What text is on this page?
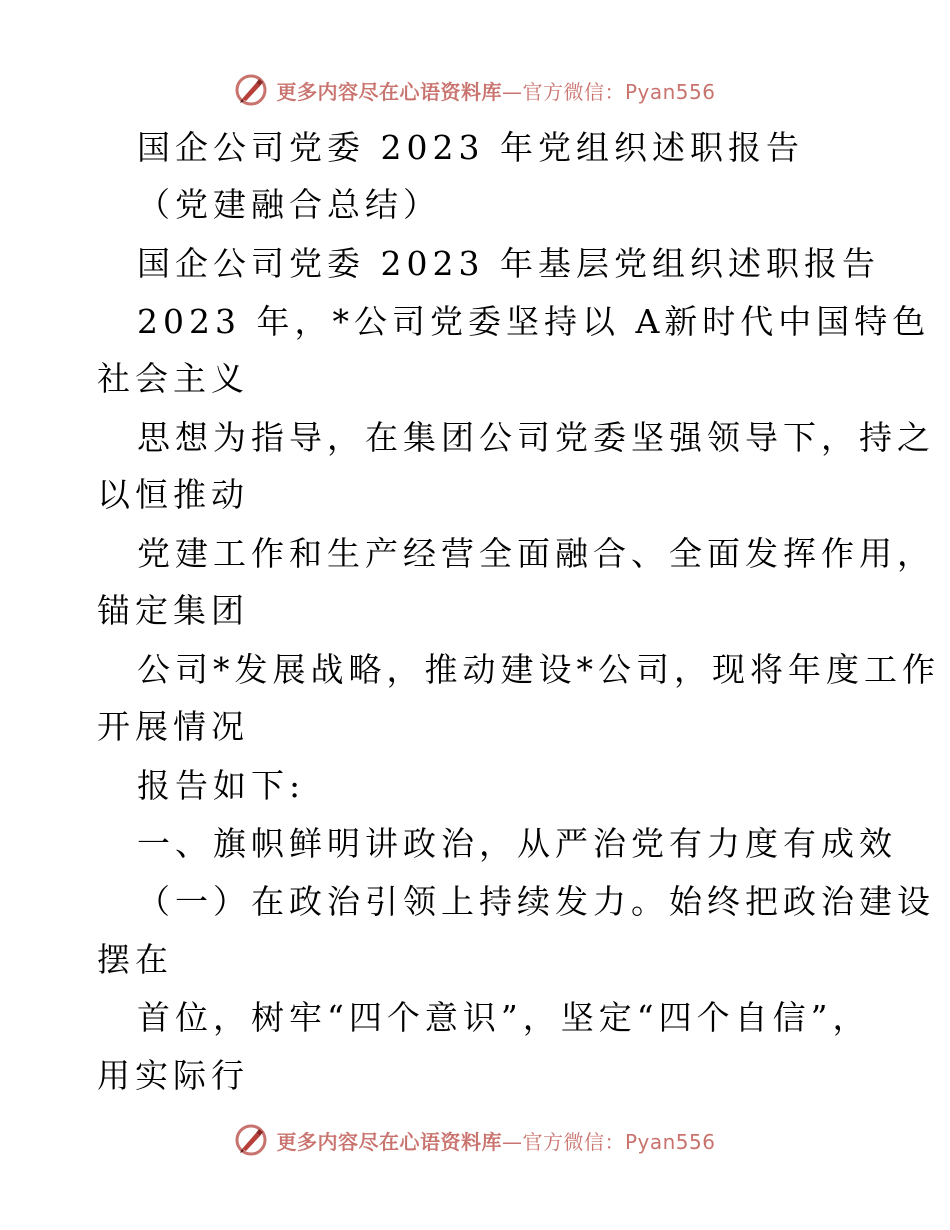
更多内容尽在心语资料库—官方微信：Pyan556
国企公司党委 2023 年党组织述职报告
（党建融合总结）
国企公司党委 2023 年基层党组织述职报告
2023 年，*公司党委坚持以 A新时代中国特色
社会主义
思想为指导，在集团公司党委坚强领导下，持之
以恒推动
党建工作和生产经营全面融合、全面发挥作用，
锚定集团
公司*发展战略，推动建设*公司，现将年度工作
开展情况
报告如下:
一、旗帜鲜明讲政治，从严治党有力度有成效
（一）在政治引领上持续发力。始终把政治建设
摆在
首位，树牢“四个意识”，坚定“四个自信”，
用实际行
更多内容尽在心语资料库—官方微信：Pyan556
